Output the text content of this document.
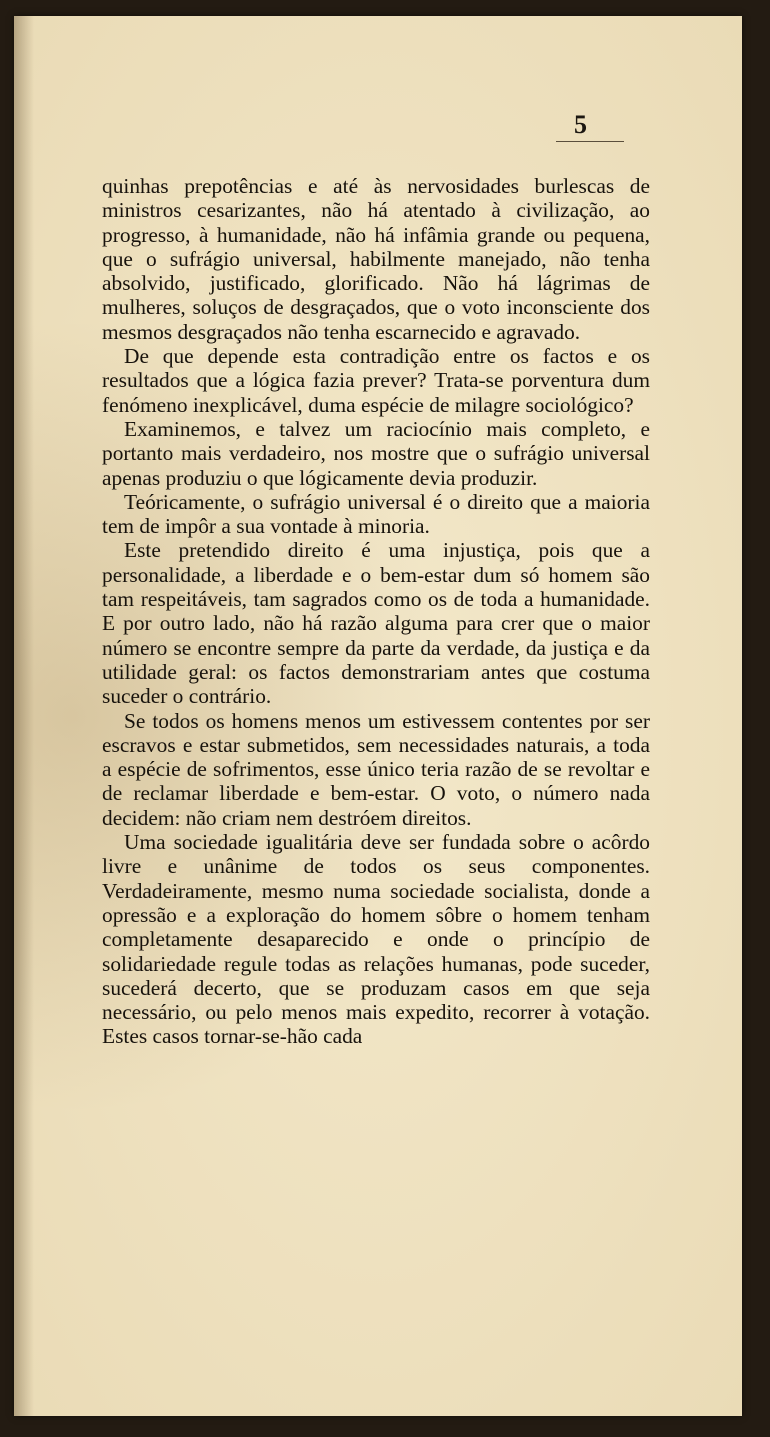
5

quinhas prepotências e até às nervosidades burlescas de ministros cesarizantes, não há atentado à civilização, ao progresso, à humanidade, não há infâmia grande ou pequena, que o sufrágio universal, habilmente manejado, não tenha absolvido, justificado, glorificado. Não há lágrimas de mulheres, soluços de desgraçados, que o voto inconsciente dos mesmos desgraçados não tenha escarnecido e agravado.

De que depende esta contradição entre os factos e os resultados que a lógica fazia prever? Trata-se porventura dum fenómeno inexplicável, duma espécie de milagre sociológico?

Examinemos, e talvez um raciocínio mais completo, e portanto mais verdadeiro, nos mostre que o sufrágio universal apenas produziu o que lógicamente devia produzir.

Teóricamente, o sufrágio universal é o direito que a maioria tem de impôr a sua vontade à minoria.

Este pretendido direito é uma injustiça, pois que a personalidade, a liberdade e o bem-estar dum só homem são tam respeitáveis, tam sagrados como os de toda a humanidade. E por outro lado, não há razão alguma para crer que o maior número se encontre sempre da parte da verdade, da justiça e da utilidade geral: os factos demonstrariam antes que costuma suceder o contrário.

Se todos os homens menos um estivessem contentes por ser escravos e estar submetidos, sem necessidades naturais, a toda a espécie de sofrimentos, esse único teria razão de se revoltar e de reclamar liberdade e bem-estar. O voto, o número nada decidem: não criam nem destróem direitos.

Uma sociedade igualitária deve ser fundada sobre o acôrdo livre e unânime de todos os seus componentes. Verdadeiramente, mesmo numa sociedade socialista, donde a opressão e a exploração do homem sôbre o homem tenham completamente desaparecido e onde o princípio de solidariedade regule todas as relações humanas, pode suceder, sucederá decerto, que se produzam casos em que seja necessário, ou pelo menos mais expedito, recorrer à votação. Estes casos tornar-se-hão cada
